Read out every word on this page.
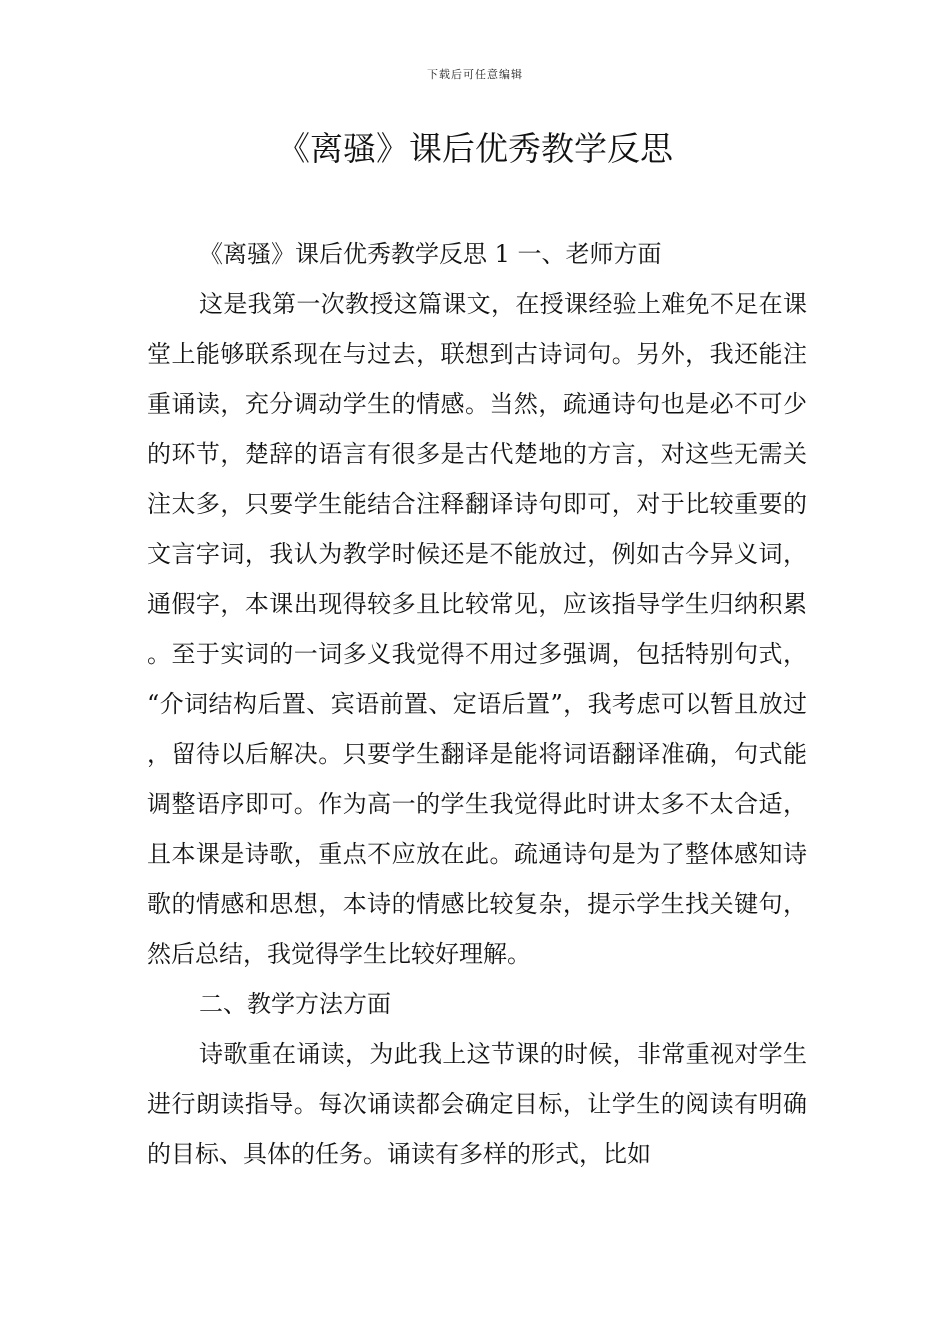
下载后可任意编辑
《离骚》课后优秀教学反思

《离骚》课后优秀教学反思 1 一、老师方面

这是我第一次教授这篇课文，在授课经验上难免不足在课堂上能够联系现在与过去，联想到古诗词句。另外，我还能注重诵读，充分调动学生的情感。当然，疏通诗句也是必不可少的环节，楚辞的语言有很多是古代楚地的方言，对这些无需关注太多，只要学生能结合注释翻译诗句即可，对于比较重要的文言字词，我认为教学时候还是不能放过，例如古今异义词，通假字，本课出现得较多且比较常见，应该指导学生归纳积累。至于实词的一词多义我觉得不用过多强调，包括特别句式，“介词结构后置、宾语前置、定语后置”，我考虑可以暂且放过，留待以后解决。只要学生翻译是能将词语翻译准确，句式能调整语序即可。作为高一的学生我觉得此时讲太多不太合适，且本课是诗歌，重点不应放在此。疏通诗句是为了整体感知诗歌的情感和思想，本诗的情感比较复杂，提示学生找关键句，然后总结，我觉得学生比较好理解。

二、教学方法方面

诗歌重在诵读，为此我上这节课的时候，非常重视对学生进行朗读指导。每次诵读都会确定目标，让学生的阅读有明确的目标、具体的任务。诵读有多样的形式，比如
